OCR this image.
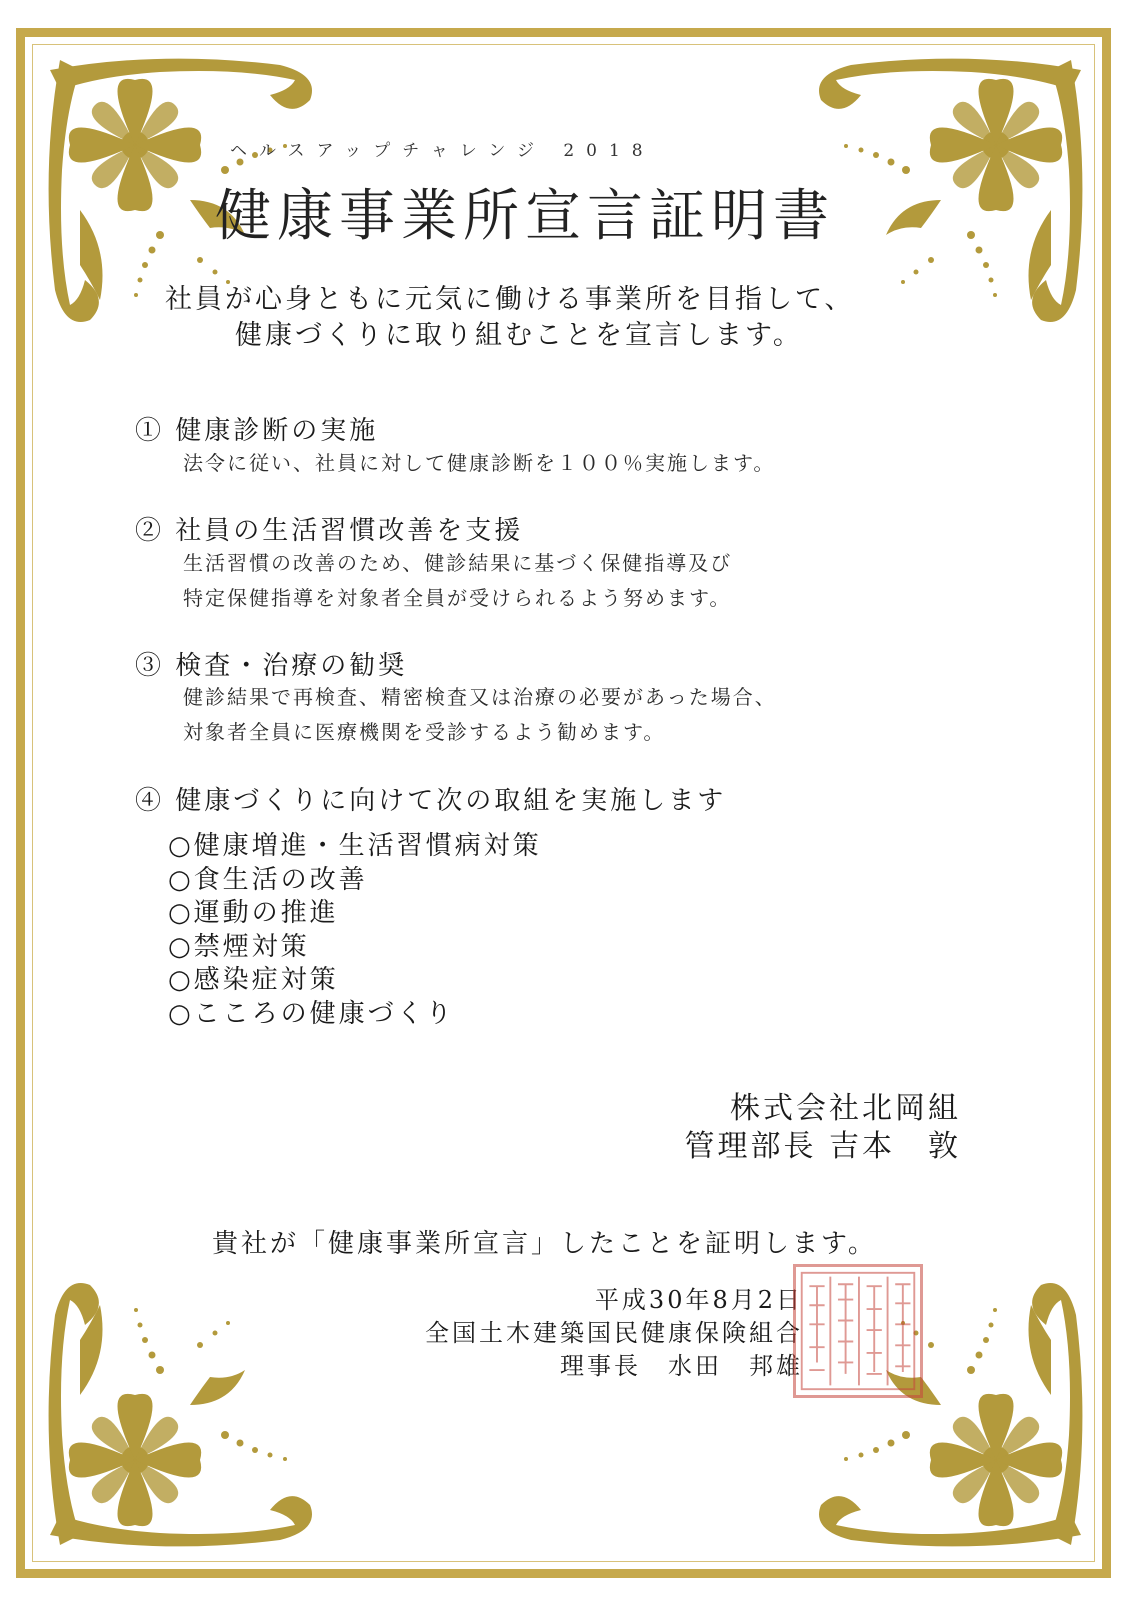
ヘルスアップチャレンジ 2018
健康事業所宣言証明書
社員が心身ともに元気に働ける事業所を目指して、
健康づくりに取り組むことを宣言します。
① 健康診断の実施
法令に従い、社員に対して健康診断を１００％実施します。
② 社員の生活習慣改善を支援
生活習慣の改善のため、健診結果に基づく保健指導及び
特定保健指導を対象者全員が受けられるよう努めます。
③ 検査・治療の勧奨
健診結果で再検査、精密検査又は治療の必要があった場合、
対象者全員に医療機関を受診するよう勧めます。
④ 健康づくりに向けて次の取組を実施します
○健康増進・生活習慣病対策
○食生活の改善
○運動の推進
○禁煙対策
○感染症対策
○こころの健康づくり
株式会社北岡組
管理部長 吉本　敦
貴社が「健康事業所宣言」したことを証明します。
平成30年8月2日
全国土木建築国民健康保険組合
理事長　水田　邦雄
